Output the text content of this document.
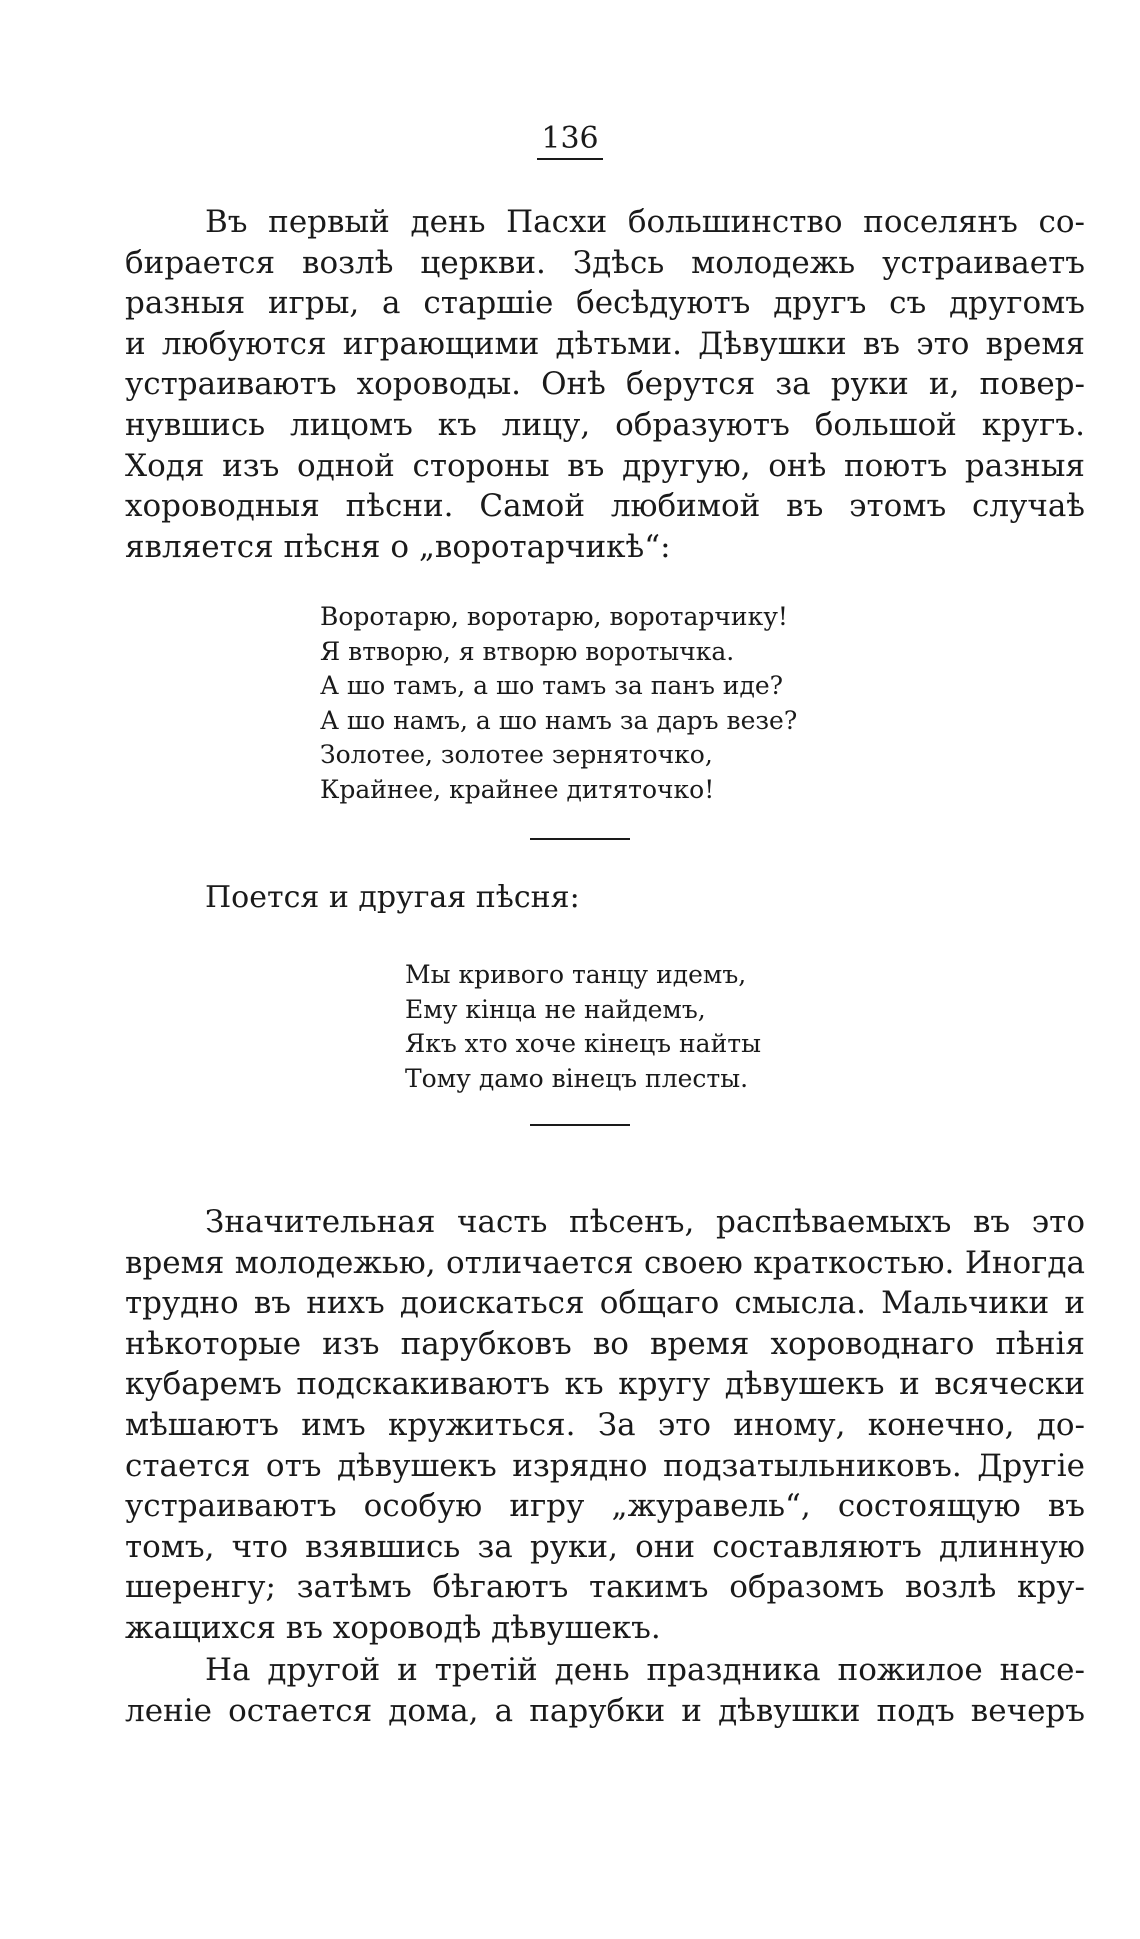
136
Въ первый день Пасхи большинство поселянъ со-
бирается возлѣ церкви. Здѣсь молодежь устраиваетъ
разныя игры, а старшіе бесѣдуютъ другъ съ другомъ
и любуются играющими дѣтьми. Дѣвушки въ это время
устраиваютъ хороводы. Онѣ берутся за руки и, повер-
нувшись лицомъ къ лицу, образуютъ большой кругъ.
Ходя изъ одной стороны въ другую, онѣ поютъ разныя
хороводныя пѣсни. Самой любимой въ этомъ случаѣ
является пѣсня о „воротарчикѣ“:
Воротарю, воротарю, воротарчику!
Я втворю, я втворю воротычка.
А шо тамъ, а шо тамъ за панъ иде?
А шо намъ, а шо намъ за даръ везе?
Золотее, золотее зерняточко,
Крайнее, крайнее дитяточко!
Поется и другая пѣсня:
Мы кривого танцу идемъ,
Ему кінца не найдемъ,
Якъ хто хоче кінецъ найты
Тому дамо вінецъ плесты.
Значительная часть пѣсенъ, распѣваемыхъ въ это
время молодежью, отличается своею краткостью. Иногда
трудно въ нихъ доискаться общаго смысла. Мальчики и
нѣкоторые изъ парубковъ во время хороводнаго пѣнія
кубаремъ подскакиваютъ къ кругу дѣвушекъ и всячески
мѣшаютъ имъ кружиться. За это иному, конечно, до-
стается отъ дѣвушекъ изрядно подзатыльниковъ. Другіе
устраиваютъ особую игру „журавель“, состоящую въ
томъ, что взявшись за руки, они составляютъ длинную
шеренгу; затѣмъ бѣгаютъ такимъ образомъ возлѣ кру-
жащихся въ хороводѣ дѣвушекъ.
На другой и третій день праздника пожилое насе-
леніе остается дома, а парубки и дѣвушки подъ вечеръ
